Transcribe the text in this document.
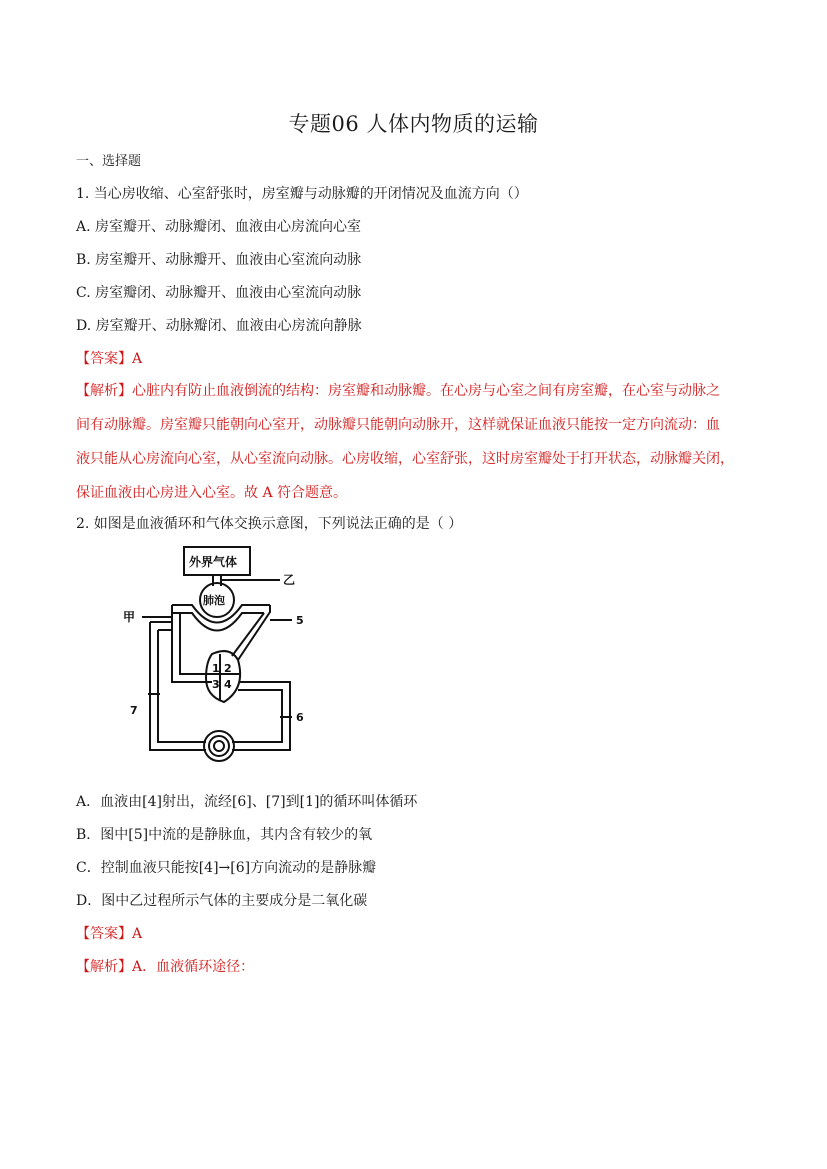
专题06 人体内物质的运输
一、选择题
1. 当心房收缩、心室舒张时，房室瓣与动脉瓣的开闭情况及血流方向（）
A. 房室瓣开、动脉瓣闭、血液由心房流向心室
B. 房室瓣开、动脉瓣开、血液由心室流向动脉
C. 房室瓣闭、动脉瓣开、血液由心室流向动脉
D. 房室瓣开、动脉瓣闭、血液由心房流向静脉
【答案】A
【解析】心脏内有防止血液倒流的结构：房室瓣和动脉瓣。在心房与心室之间有房室瓣，在心室与动脉之
间有动脉瓣。房室瓣只能朝向心室开，动脉瓣只能朝向动脉开，这样就保证血液只能按一定方向流动：血
液只能从心房流向心室，从心室流向动脉。心房收缩，心室舒张，这时房室瓣处于打开状态，动脉瓣关闭，
保证血液由心房进入心室。故 A 符合题意。
2. 如图是血液循环和气体交换示意图，下列说法正确的是（ ）
外界气体
肺泡
乙
甲
1 2
3 4
5
6
7
A．血液由[4]射出，流经[6]、[7]到[1]的循环叫体循环
B．图中[5]中流的是静脉血，其内含有较少的氧
C．控制血液只能按[4]→[6]方向流动的是静脉瓣
D．图中乙过程所示气体的主要成分是二氧化碳
【答案】A
【解析】A．血液循环途径：
